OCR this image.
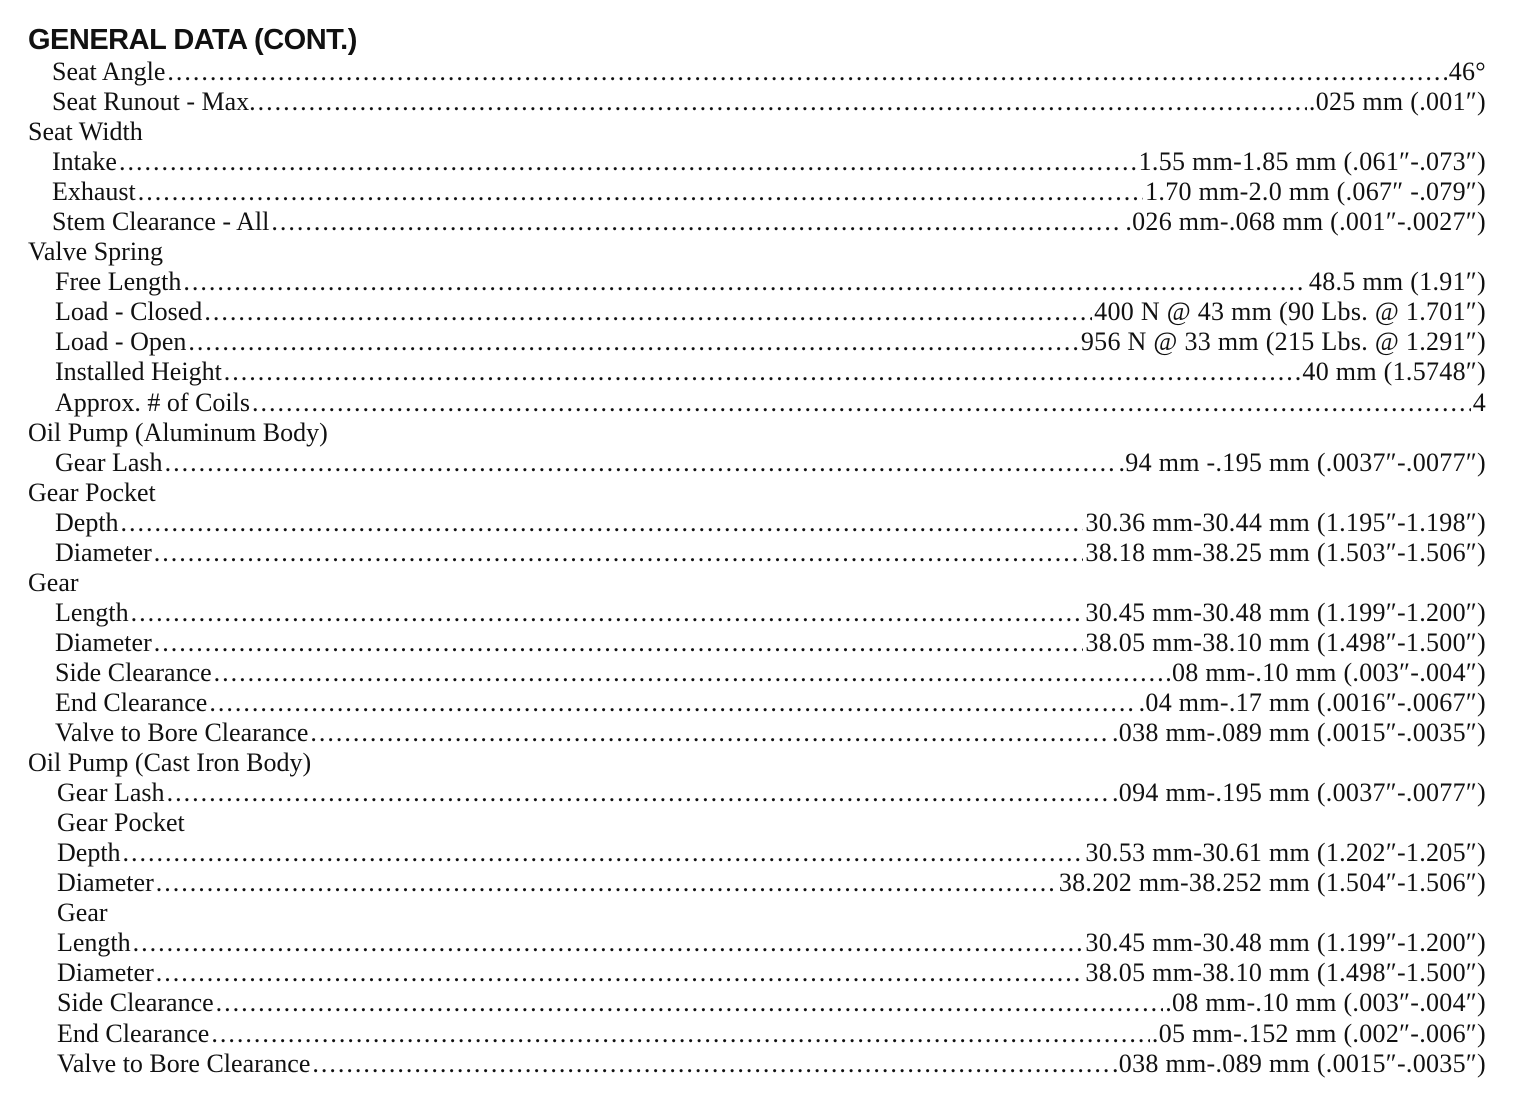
GENERAL DATA (CONT.)
Seat Angle .....	46°
Seat Runout - Max. .....	.025 mm (.001″)
Seat Width
Intake .....	1.55 mm-1.85 mm (.061″-.073″)
Exhaust .....	1.70 mm-2.0 mm (.067″ -.079″)
Stem Clearance - All .....	.026 mm-.068 mm (.001″-.0027″)
Valve Spring
Free Length .....	48.5 mm (1.91″)
Load - Closed .....	400 N @ 43 mm (90 Lbs. @ 1.701″)
Load - Open .....	956 N @ 33 mm (215 Lbs. @ 1.291″)
Installed Height .....	40 mm (1.5748″)
Approx. # of Coils .....	4
Oil Pump (Aluminum Body)
Gear Lash .....	.94 mm -.195 mm (.0037″-.0077″)
Gear Pocket
Depth .....	30.36 mm-30.44 mm (1.195″-1.198″)
Diameter .....	38.18 mm-38.25 mm (1.503″-1.506″)
Gear
Length .....	30.45 mm-30.48 mm (1.199″-1.200″)
Diameter .....	38.05 mm-38.10 mm (1.498″-1.500″)
Side Clearance .....	.08 mm-.10 mm (.003″-.004″)
End Clearance .....	.04 mm-.17 mm (.0016″-.0067″)
Valve to Bore Clearance .....	.038 mm-.089 mm (.0015″-.0035″)
Oil Pump (Cast Iron Body)
Gear Lash .....	.094 mm-.195 mm (.0037″-.0077″)
Gear Pocket
Depth .....	30.53 mm-30.61 mm (1.202″-1.205″)
Diameter .....	38.202 mm-38.252 mm (1.504″-1.506″)
Gear
Length .....	30.45 mm-30.48 mm (1.199″-1.200″)
Diameter .....	38.05 mm-38.10 mm (1.498″-1.500″)
Side Clearance .....	.08 mm-.10 mm (.003″-.004″)
End Clearance .....	.05 mm-.152 mm (.002″-.006″)
Valve to Bore Clearance .....	.038 mm-.089 mm (.0015″-.0035″)
